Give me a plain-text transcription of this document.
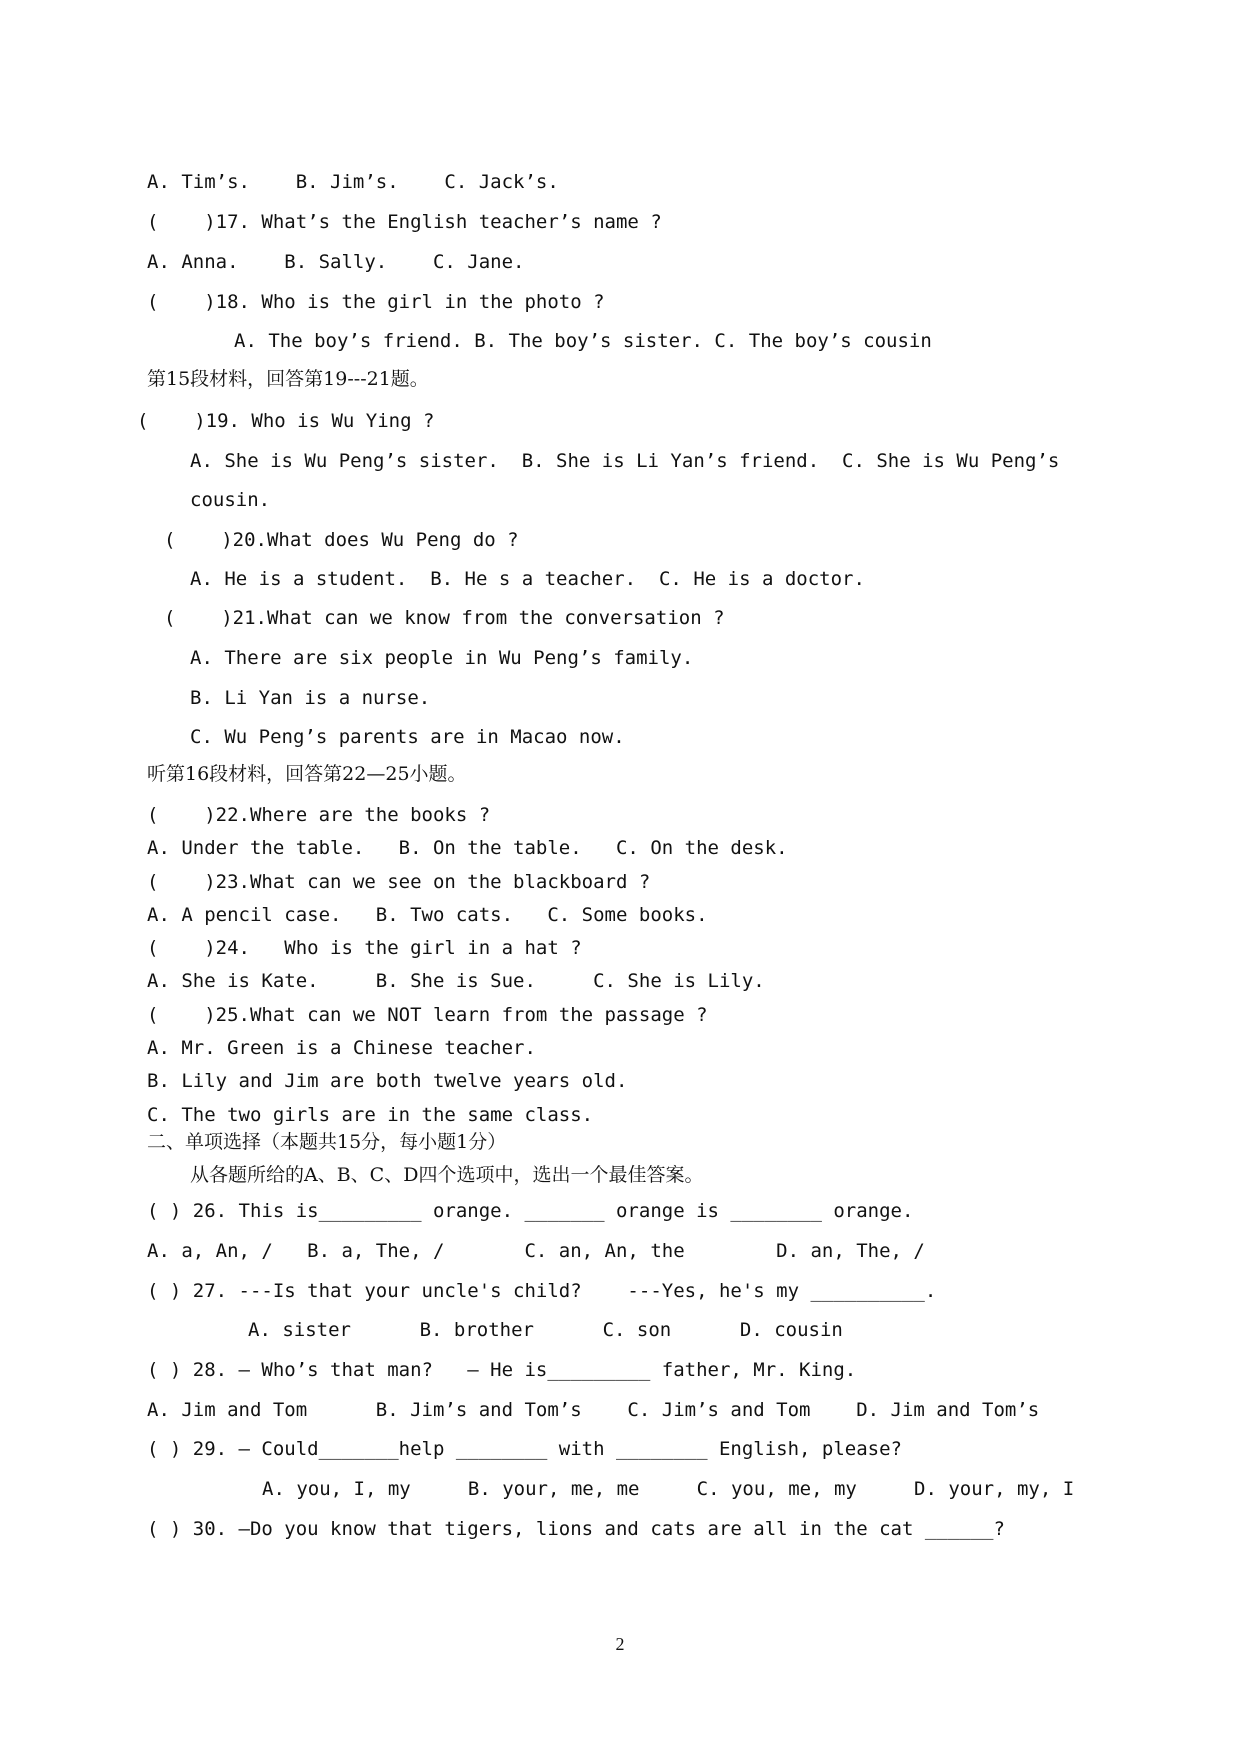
A. Tim’s.    B. Jim’s.    C. Jack’s.
(    )17. What’s the English teacher’s name ?
A. Anna.    B. Sally.    C. Jane.
(    )18. Who is the girl in the photo ?
A. The boy’s friend. B. The boy’s sister. C. The boy’s cousin
第15段材料，回答第19---21题。
(    )19. Who is Wu Ying ?
A. She is Wu Peng’s sister.  B. She is Li Yan’s friend.  C. She is Wu Peng’s
cousin.
(    )20.What does Wu Peng do ?
A. He is a student.  B. He s a teacher.  C. He is a doctor.
(    )21.What can we know from the conversation ?
A. There are six people in Wu Peng’s family.
B. Li Yan is a nurse.
C. Wu Peng’s parents are in Macao now.
听第16段材料，回答第22—25小题。
(    )22.Where are the books ?
A. Under the table.   B. On the table.   C. On the desk.
(    )23.What can we see on the blackboard ?
A. A pencil case.   B. Two cats.   C. Some books.
(    )24.   Who is the girl in a hat ?
A. She is Kate.     B. She is Sue.     C. She is Lily.
(    )25.What can we NOT learn from the passage ?
A. Mr. Green is a Chinese teacher.
B. Lily and Jim are both twelve years old.
C. The two girls are in the same class.
二、单项选择（本题共15分，每小题1分）
从各题所给的A、B、C、D四个选项中，选出一个最佳答案。
( ) 26. This is_________ orange. _______ orange is ________ orange.
A. a, An, /   B. a, The, /       C. an, An, the        D. an, The, /
( ) 27. ---Is that your uncle's child?    ---Yes, he's my __________.
A. sister      B. brother      C. son      D. cousin
( ) 28. — Who’s that man?   — He is_________ father, Mr. King.
A. Jim and Tom      B. Jim’s and Tom’s    C. Jim’s and Tom    D. Jim and Tom’s
( ) 29. — Could_______help ________ with ________ English, please?
A. you, I, my     B. your, me, me     C. you, me, my     D. your, my, I
( ) 30. —Do you know that tigers, lions and cats are all in the cat ______?
2
